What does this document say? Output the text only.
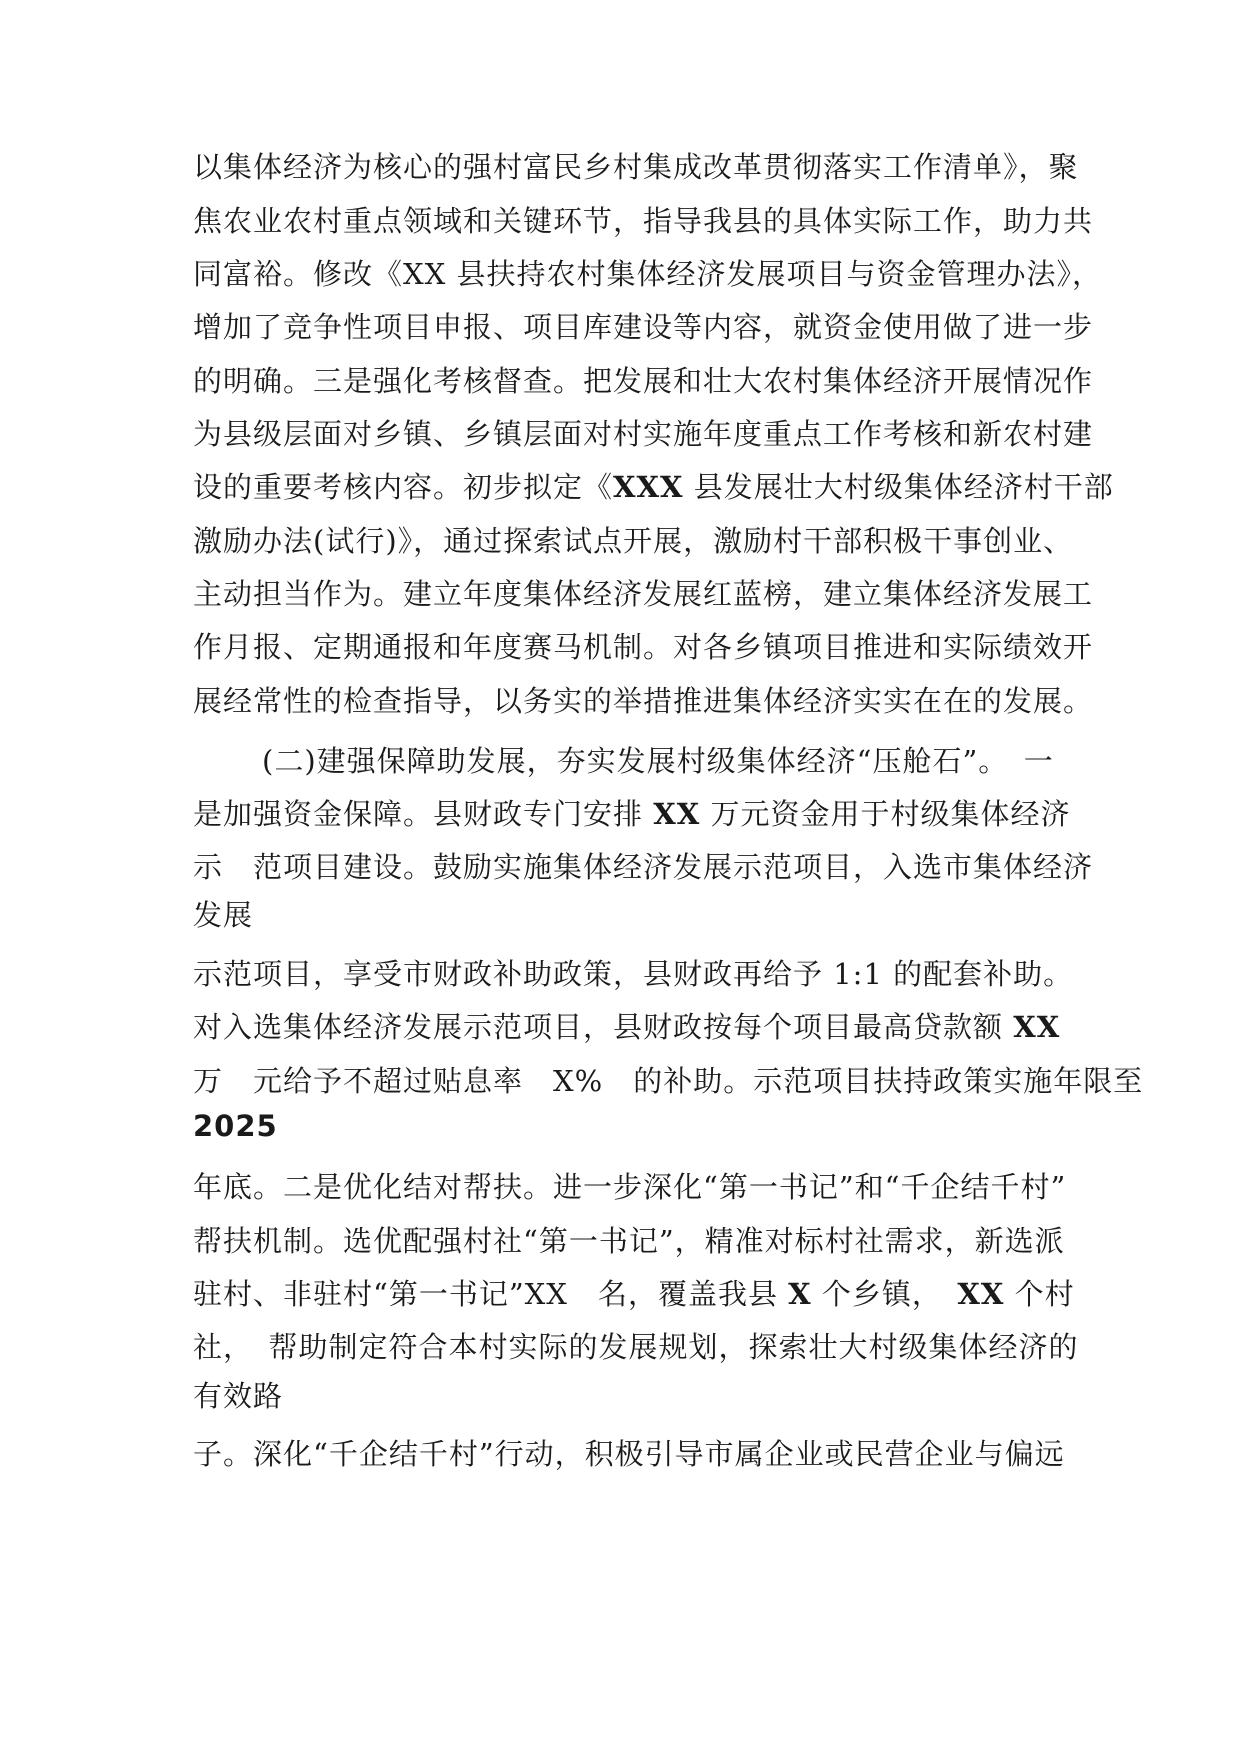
以集体经济为核心的强村富民乡村集成改革贯彻落实工作清单》，聚
焦农业农村重点领域和关键环节，指导我县的具体实际工作，助力共
同富裕。修改《XX 县扶持农村集体经济发展项目与资金管理办法》，
增加了竞争性项目申报、项目库建设等内容，就资金使用做了进一步
的明确。三是强化考核督查。把发展和壮大农村集体经济开展情况作
为县级层面对乡镇、乡镇层面对村实施年度重点工作考核和新农村建
设的重要考核内容。初步拟定《XXX 县发展壮大村级集体经济村干部
激励办法(试行)》，通过探索试点开展，激励村干部积极干事创业、
主动担当作为。建立年度集体经济发展红蓝榜，建立集体经济发展工
作月报、定期通报和年度赛马机制。对各乡镇项目推进和实际绩效开
展经常性的检查指导，以务实的举措推进集体经济实实在在的发展。
(二)建强保障助发展，夯实发展村级集体经济“压舱石”。　一
是加强资金保障。县财政专门安排 XX 万元资金用于村级集体经济
示　范项目建设。鼓励实施集体经济发展示范项目，入选市集体经济
发展
示范项目，享受市财政补助政策，县财政再给予 1:1 的配套补助。
对入选集体经济发展示范项目，县财政按每个项目最高贷款额 XX
万　元给予不超过贴息率　X%　的补助。示范项目扶持政策实施年限至
2025
年底。二是优化结对帮扶。进一步深化“第一书记”和“千企结千村”
帮扶机制。选优配强村社“第一书记”，精准对标村社需求，新选派
驻村、非驻村“第一书记”XX　名，覆盖我县 X 个乡镇，　XX 个村
社，　帮助制定符合本村实际的发展规划，探索壮大村级集体经济的
有效路
子。深化“千企结千村”行动，积极引导市属企业或民营企业与偏远
